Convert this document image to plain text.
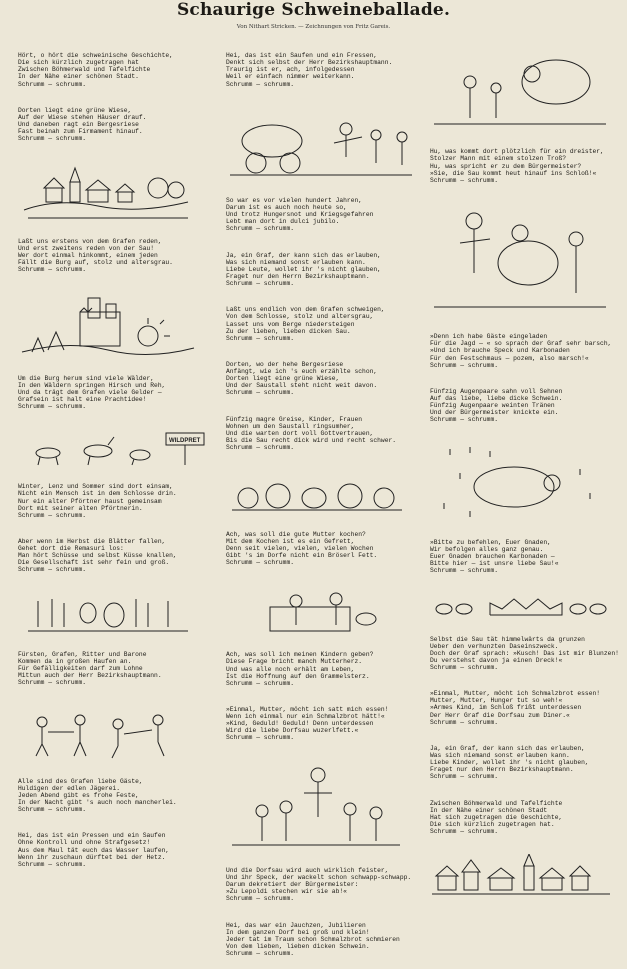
Schaurige Schweineballade.
Von Nithart Stricken. — Zeichnungen von Fritz Gareis.

Hört, o hört die schweinische Geschichte,
Die sich kürzlich zugetragen hat
Zwischen Böhmerwald und Tafelfichte
In der Nähe einer schönen Stadt.
Schrumm — schrumm.

Dorten liegt eine grüne Wiese,
Auf der Wiese stehen Häuser drauf.
Und daneben ragt ein Bergesriese
Fast beinah zum Firmament hinauf.
Schrumm — schrumm.

Laßt uns erstens von dem Grafen reden,
Und erst zweitens reden von der Sau!
Wer dort einmal hinkommt, einem jeden
Fällt die Burg auf, stolz und altersgrau.
Schrumm — schrumm.

Um die Burg herum sind viele Wälder,
In den Wäldern springen Hirsch und Reh,
Und da trägt dem Grafen viele Gelder —
Grafsein ist halt eine Prachtidee!
Schrumm — schrumm.

WILDPRET

Winter, Lenz und Sommer sind dort einsam,
Nicht ein Mensch ist in dem Schlosse drin.
Nur ein alter Pförtner haust gemeinsam
Dort mit seiner alten Pförtnerin.
Schrumm — schrumm.

Aber wenn im Herbst die Blätter fallen,
Gehet dort die Remasuri los:
Man hört Schüsse und selbst Küsse knallen,
Die Gesellschaft ist sehr fein und groß.
Schrumm — schrumm.

Fürsten, Grafen, Ritter und Barone
Kommen da in großen Haufen an.
Für Gefälligkeiten darf zum Lohne
Mittun auch der Herr Bezirkshauptmann.
Schrumm — schrumm.

Alle sind des Grafen liebe Gäste,
Huldigen der edlen Jägerei.
Jeden Abend gibt es frohe Feste,
In der Nacht gibt 's auch noch mancherlei.
Schrumm — schrumm.

Hei, das ist ein Pressen und ein Saufen
Ohne Kontroll und ohne Strafgesetz!
Aus dem Maul tät euch das Wasser laufen,
Wenn ihr zuschaun dürftet bei der Hetz.
Schrumm — schrumm.

Hei, das ist ein Saufen und ein Fressen,
Denkt sich selbst der Herr Bezirkshauptmann.
Traurig ist er, ach, infolgedessen
Weil er einfach nimmer weiterkann.
Schrumm — schrumm.

So war es vor vielen hundert Jahren,
Darum ist es auch noch heute so,
Und trotz Hungersnot und Kriegsgefahren
Lebt man dort in dulci jubilo.
Schrumm — schrumm.

Ja, ein Graf, der kann sich das erlauben,
Was sich niemand sonst erlauben kann.
Liebe Leute, wollet ihr 's nicht glauben,
Fraget nur den Herrn Bezirkshauptmann.
Schrumm — schrumm.

Laßt uns endlich von dem Grafen schweigen,
Von dem Schlosse, stolz und altersgrau,
Lasset uns vom Berge niedersteigen
Zu der lieben, lieben dicken Sau.
Schrumm — schrumm.

Dorten, wo der hehe Bergesriese
Anfängt, wie ich 's euch erzählte schon,
Dorten liegt eine grüne Wiese,
Und der Saustall steht nicht weit davon.
Schrumm — schrumm.

Fünfzig magre Greise, Kinder, Frauen
Wohnen um den Saustall ringsumher,
Und die warten dort voll Gottvertrauen,
Bis die Sau recht dick wird und recht schwer.
Schrumm — schrumm.

Ach, was soll die gute Mutter kochen?
Mit dem Kochen ist es ein Gefrett,
Denn seit vielen, vielen, vielen Wochen
Gibt 's im Dorfe nicht ein Bröserl Fett.
Schrumm — schrumm.

Ach, was soll ich meinen Kindern geben?
Diese Frage bricht manch Mutterherz.
Und was alle noch erhält am Leben,
Ist die Hoffnung auf den Grammelsterz.
Schrumm — schrumm.

»Einmal, Mutter, möcht ich satt mich essen!
Wenn ich einmal nur ein Schmalzbrot hätt!«
»Kind, Geduld! Geduld! Denn unterdessen
Wird die liebe Dorfsau wuzerlfett.«
Schrumm — schrumm.

Und die Dorfsau wird auch wirklich feister,
Und ihr Speck, der wackelt schon schwapp-schwapp.
Darum dekretiert der Bürgermeister:
»Zu Lepoldi stechen wir sie ab!«
Schrumm — schrumm.

Hei, das war ein Jauchzen, Jubilieren
In dem ganzen Dorf bei groß und klein!
Jeder tat im Traum schon Schmalzbrot schmieren
Von dem lieben, lieben dicken Schwein.
Schrumm — schrumm.

Hu, was kommt dort plötzlich für ein dreister,
Stolzer Mann mit einem stolzen Troß?
Hu, was spricht er zu dem Bürgermeister?
»Sie, die Sau kommt heut hinauf ins Schloß!«
Schrumm — schrumm.

»Denn ich habe Gäste eingeladen
Für die Jagd — « so sprach der Graf sehr barsch,
»Und ich brauche Speck und Karbonaden
Für den Festschmaus — pozem, also marsch!«
Schrumm — schrumm.

Fünfzig Augenpaare sahn voll Sehnen
Auf das liebe, liebe dicke Schwein.
Fünfzig Augenpaare weinten Tränen
Und der Bürgermeister knickte ein.
Schrumm — schrumm.

»Bitte zu befehlen, Euer Gnaden,
Wir befolgen alles ganz genau.
Euer Gnaden brauchen Karbonaden —
Bitte hier — ist unsre liebe Sau!«
Schrumm — schrumm.

Selbst die Sau tät himmelwärts da grunzen
Ueber den verhunzten Daseinszweck.
Doch der Graf sprach: »Kusch! Das ist mir Blunzen!
Du verstehst davon ja einen Dreck!«
Schrumm — schrumm.

»Einmal, Mutter, möcht ich Schmalzbrot essen!
Mutter, Mutter, Hunger tut so weh!«
»Armes Kind, im Schloß frißt unterdessen
Der Herr Graf die Dorfsau zum Diner.«
Schrumm — schrumm.

Ja, ein Graf, der kann sich das erlauben,
Was sich niemand sonst erlauben kann.
Liebe Kinder, wollet ihr 's nicht glauben,
Fraget nur den Herrn Bezirkshauptmann.
Schrumm — schrumm.

Zwischen Böhmerwald und Tafelfichte
In der Nähe einer schönen Stadt
Hat sich zugetragen die Geschichte,
Die sich kürzlich zugetragen hat.
Schrumm — schrumm.
